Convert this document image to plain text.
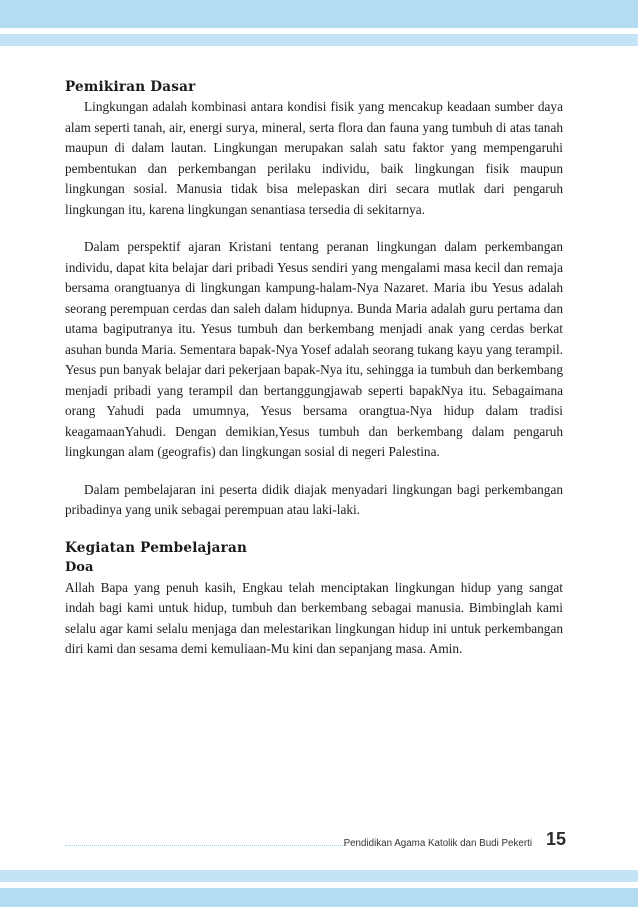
Pemikiran Dasar

Lingkungan adalah kombinasi antara kondisi fisik yang mencakup keadaan sumber daya alam seperti tanah, air, energi surya, mineral, serta flora dan fauna yang tumbuh di atas tanah maupun di dalam lautan. Lingkungan merupakan salah satu faktor yang mempengaruhi pembentukan dan perkembangan perilaku individu, baik lingkungan fisik maupun lingkungan sosial. Manusia tidak bisa melepaskan diri secara mutlak dari pengaruh lingkungan itu, karena lingkungan senantiasa tersedia di sekitarnya.

Dalam perspektif ajaran Kristani tentang peranan lingkungan dalam perkembangan individu, dapat kita belajar dari pribadi Yesus sendiri yang mengalami masa kecil dan remaja bersama orangtuanya di lingkungan kampung-halam-Nya Nazaret. Maria ibu Yesus adalah seorang perempuan cerdas dan saleh dalam hidupnya. Bunda Maria adalah guru pertama dan utama bagiputranya itu. Yesus tumbuh dan berkembang menjadi anak yang cerdas berkat asuhan bunda Maria. Sementara bapak-Nya Yosef adalah seorang tukang kayu yang terampil. Yesus pun banyak belajar dari pekerjaan bapak-Nya itu, sehingga ia tumbuh dan berkembang menjadi pribadi yang terampil dan bertanggungjawab seperti bapakNya itu. Sebagaimana orang Yahudi pada umumnya, Yesus bersama orangtua-Nya hidup dalam tradisi keagamaanYahudi. Dengan demikian,Yesus tumbuh dan berkembang dalam pengaruh lingkungan alam (geografis) dan lingkungan sosial di negeri Palestina.

Dalam pembelajaran ini peserta didik diajak menyadari lingkungan bagi perkembangan pribadinya yang unik sebagai perempuan atau laki-laki.

Kegiatan Pembelajaran
Doa

Allah Bapa yang penuh kasih, Engkau telah menciptakan lingkungan hidup yang sangat indah bagi kami untuk hidup, tumbuh dan berkembang sebagai manusia. Bimbinglah kami selalu agar kami selalu menjaga dan melestarikan lingkungan hidup ini untuk perkembangan diri kami dan sesama demi kemuliaan-Mu kini dan sepanjang masa. Amin.

Pendidikan Agama Katolik dan Budi Pekerti 15
